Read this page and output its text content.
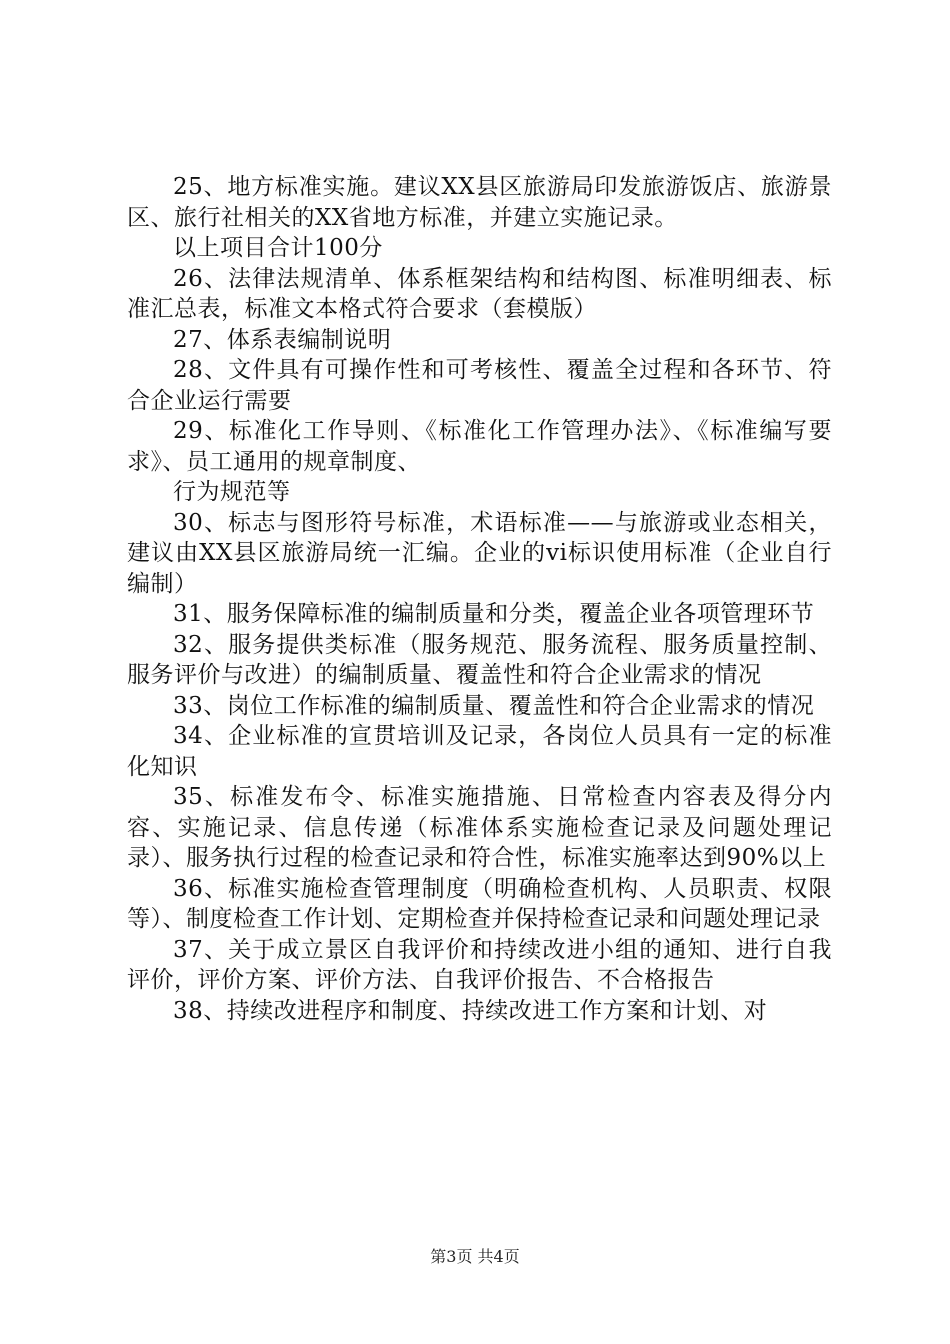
25、地方标准实施。建议XX县区旅游局印发旅游饭店、旅游景区、旅行社相关的XX省地方标准，并建立实施记录。

以上项目合计100分

26、法律法规清单、体系框架结构和结构图、标准明细表、标准汇总表，标准文本格式符合要求（套模版）

27、体系表编制说明

28、文件具有可操作性和可考核性、覆盖全过程和各环节、符合企业运行需要

29、标准化工作导则、《标准化工作管理办法》、《标准编写要求》、员工通用的规章制度、

行为规范等

30、标志与图形符号标准，术语标准——与旅游或业态相关，建议由XX县区旅游局统一汇编。企业的vi标识使用标准（企业自行编制）

31、服务保障标准的编制质量和分类，覆盖企业各项管理环节

32、服务提供类标准（服务规范、服务流程、服务质量控制、服务评价与改进）的编制质量、覆盖性和符合企业需求的情况

33、岗位工作标准的编制质量、覆盖性和符合企业需求的情况

34、企业标准的宣贯培训及记录，各岗位人员具有一定的标准化知识

35、标准发布令、标准实施措施、日常检查内容表及得分内容、实施记录、信息传递（标准体系实施检查记录及问题处理记录）、服务执行过程的检查记录和符合性，标准实施率达到90%以上

36、标准实施检查管理制度（明确检查机构、人员职责、权限等）、制度检查工作计划、定期检查并保持检查记录和问题处理记录

37、关于成立景区自我评价和持续改进小组的通知、进行自我评价，评价方案、评价方法、自我评价报告、不合格报告

38、持续改进程序和制度、持续改进工作方案和计划、对

第3页 共4页
